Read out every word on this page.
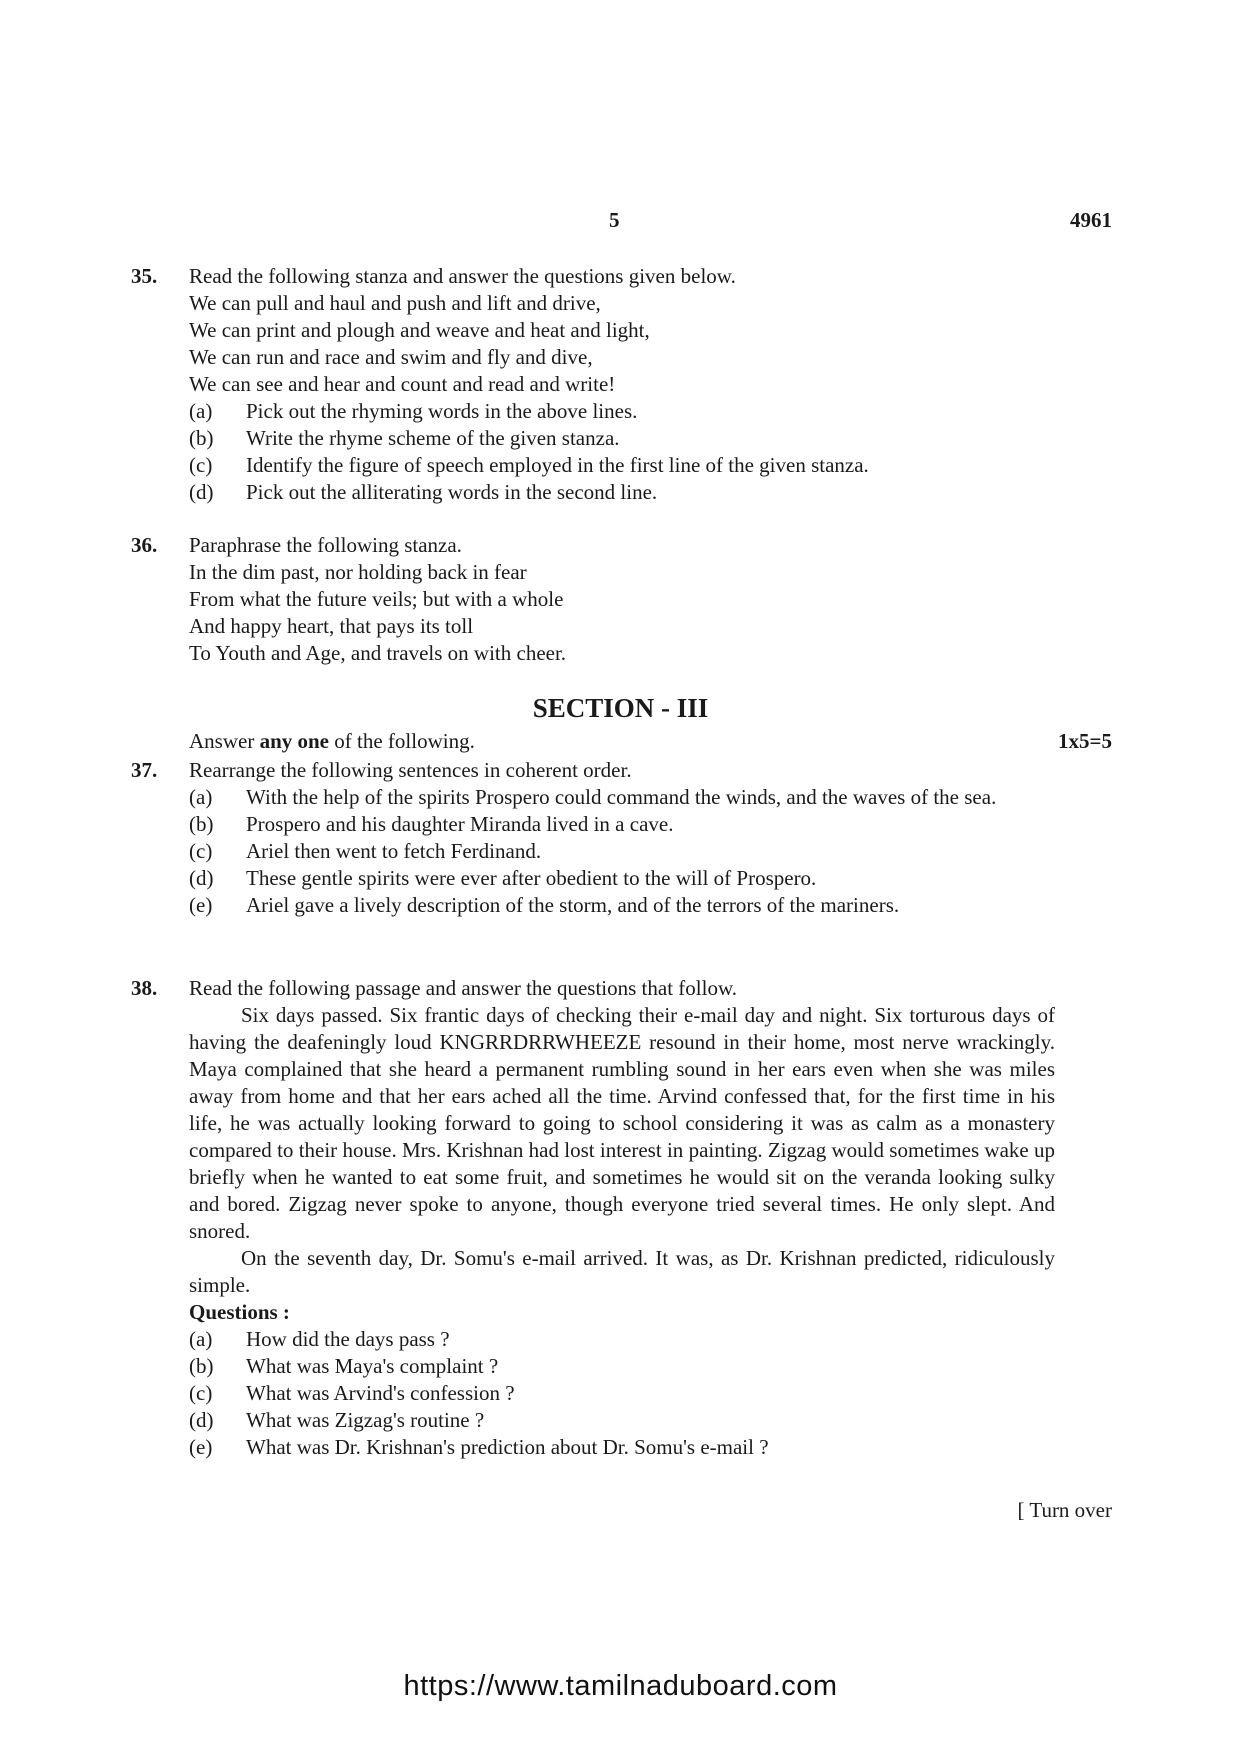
5	4961
35. Read the following stanza and answer the questions given below.
We can pull and haul and push and lift and drive,
We can print and plough and weave and heat and light,
We can run and race and swim and fly and dive,
We can see and hear and count and read and write!
(a) Pick out the rhyming words in the above lines.
(b) Write the rhyme scheme of the given stanza.
(c) Identify the figure of speech employed in the first line of the given stanza.
(d) Pick out the alliterating words in the second line.
36. Paraphrase the following stanza.
In the dim past, nor holding back in fear
From what the future veils; but with a whole
And happy heart, that pays its toll
To Youth and Age, and travels on with cheer.
SECTION - III
Answer any one of the following.	1x5=5
37. Rearrange the following sentences in coherent order.
(a) With the help of the spirits Prospero could command the winds, and the waves of the sea.
(b) Prospero and his daughter Miranda lived in a cave.
(c) Ariel then went to fetch Ferdinand.
(d) These gentle spirits were ever after obedient to the will of Prospero.
(e) Ariel gave a lively description of the storm, and of the terrors of the mariners.
38. Read the following passage and answer the questions that follow.
Six days passed. Six frantic days of checking their e-mail day and night. Six torturous days of having the deafeningly loud KNGRRDRRWHEEZE resound in their home, most nerve wrackingly. Maya complained that she heard a permanent rumbling sound in her ears even when she was miles away from home and that her ears ached all the time. Arvind confessed that, for the first time in his life, he was actually looking forward to going to school considering it was as calm as a monastery compared to their house. Mrs. Krishnan had lost interest in painting. Zigzag would sometimes wake up briefly when he wanted to eat some fruit, and sometimes he would sit on the veranda looking sulky and bored. Zigzag never spoke to anyone, though everyone tried several times. He only slept. And snored.
On the seventh day, Dr. Somu's e-mail arrived. It was, as Dr. Krishnan predicted, ridiculously simple.
Questions :
(a) How did the days pass ?
(b) What was Maya's complaint ?
(c) What was Arvind's confession ?
(d) What was Zigzag's routine ?
(e) What was Dr. Krishnan's prediction about Dr. Somu's e-mail ?
[ Turn over
https://www.tamilnaduboard.com
